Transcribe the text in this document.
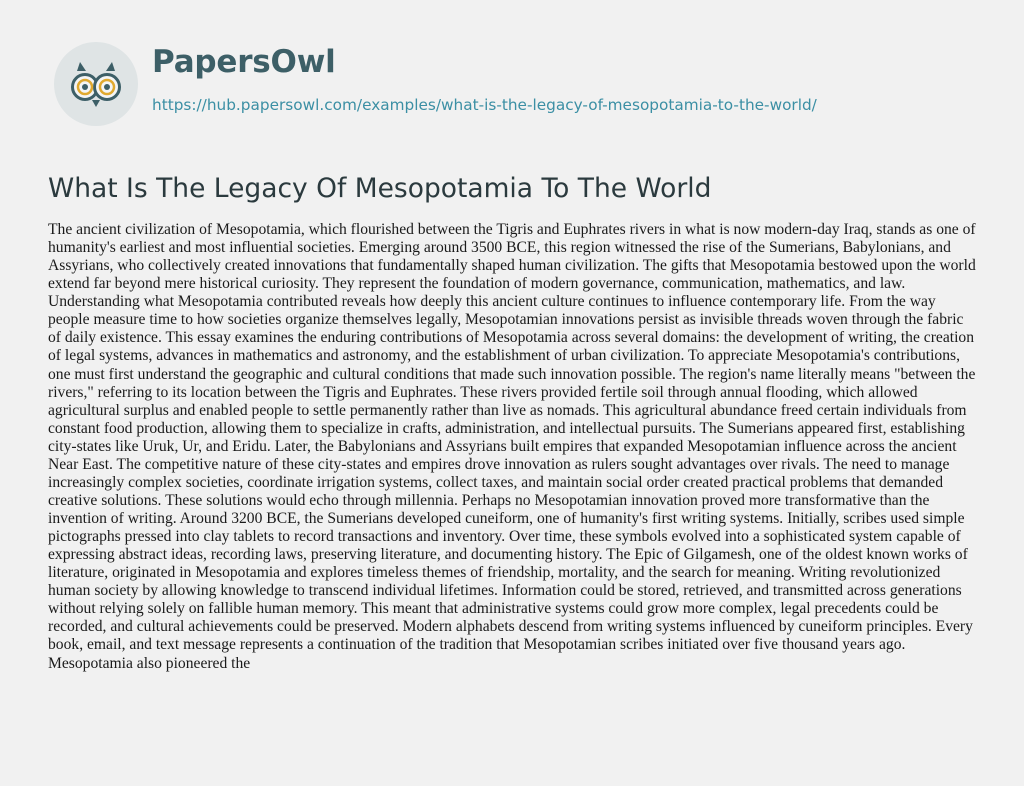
PapersOwl
https://hub.papersowl.com/examples/what-is-the-legacy-of-mesopotamia-to-the-world/
What Is The Legacy Of Mesopotamia To The World

The ancient civilization of Mesopotamia, which flourished between the Tigris and Euphrates rivers in what is now modern-day Iraq, stands as one of humanity's earliest and most influential societies. Emerging around 3500 BCE, this region witnessed the rise of the Sumerians, Babylonians, and Assyrians, who collectively created innovations that fundamentally shaped human civilization. The gifts that Mesopotamia bestowed upon the world extend far beyond mere historical curiosity. They represent the foundation of modern governance, communication, mathematics, and law. Understanding what Mesopotamia contributed reveals how deeply this ancient culture continues to influence contemporary life. From the way people measure time to how societies organize themselves legally, Mesopotamian innovations persist as invisible threads woven through the fabric of daily existence. This essay examines the enduring contributions of Mesopotamia across several domains: the development of writing, the creation of legal systems, advances in mathematics and astronomy, and the establishment of urban civilization. To appreciate Mesopotamia's contributions, one must first understand the geographic and cultural conditions that made such innovation possible. The region's name literally means "between the rivers," referring to its location between the Tigris and Euphrates. These rivers provided fertile soil through annual flooding, which allowed agricultural surplus and enabled people to settle permanently rather than live as nomads. This agricultural abundance freed certain individuals from constant food production, allowing them to specialize in crafts, administration, and intellectual pursuits. The Sumerians appeared first, establishing city-states like Uruk, Ur, and Eridu. Later, the Babylonians and Assyrians built empires that expanded Mesopotamian influence across the ancient Near East. The competitive nature of these city-states and empires drove innovation as rulers sought advantages over rivals. The need to manage increasingly complex societies, coordinate irrigation systems, collect taxes, and maintain social order created practical problems that demanded creative solutions. These solutions would echo through millennia. Perhaps no Mesopotamian innovation proved more transformative than the invention of writing. Around 3200 BCE, the Sumerians developed cuneiform, one of humanity's first writing systems. Initially, scribes used simple pictographs pressed into clay tablets to record transactions and inventory. Over time, these symbols evolved into a sophisticated system capable of expressing abstract ideas, recording laws, preserving literature, and documenting history. The Epic of Gilgamesh, one of the oldest known works of literature, originated in Mesopotamia and explores timeless themes of friendship, mortality, and the search for meaning. Writing revolutionized human society by allowing knowledge to transcend individual lifetimes. Information could be stored, retrieved, and transmitted across generations without relying solely on fallible human memory. This meant that administrative systems could grow more complex, legal precedents could be recorded, and cultural achievements could be preserved. Modern alphabets descend from writing systems influenced by cuneiform principles. Every book, email, and text message represents a continuation of the tradition that Mesopotamian scribes initiated over five thousand years ago. Mesopotamia also pioneered the
